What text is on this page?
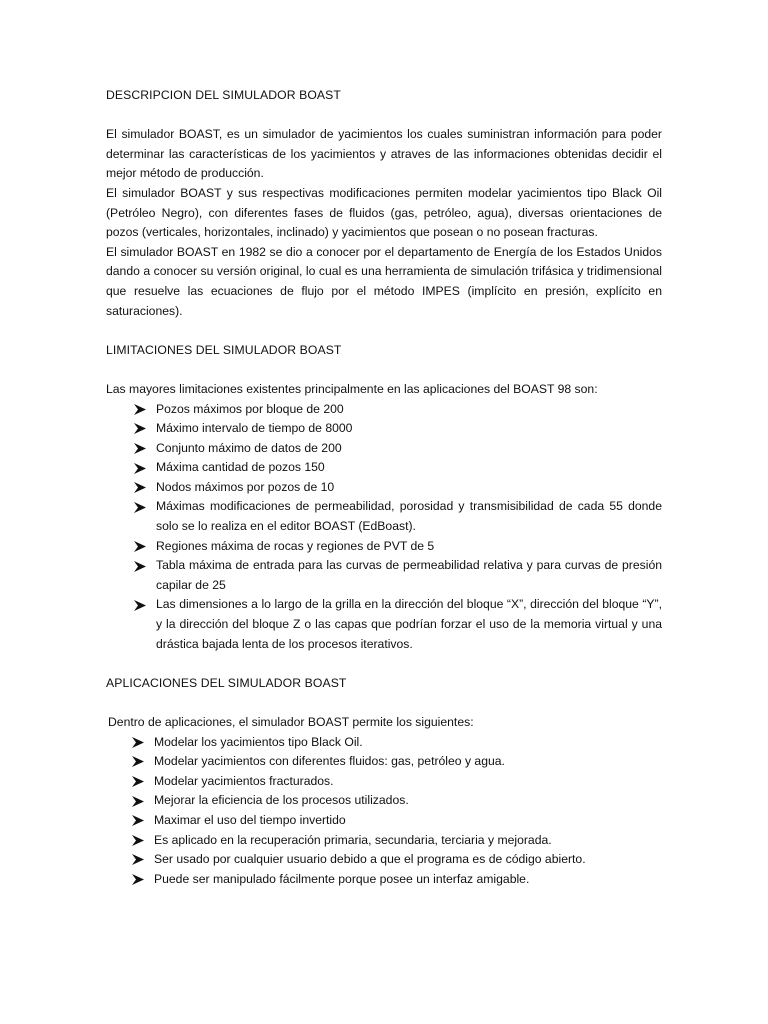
DESCRIPCION DEL SIMULADOR BOAST

El simulador BOAST, es un simulador de yacimientos los cuales suministran información para poder determinar las características de los yacimientos y atraves de las informaciones obtenidas decidir el mejor método de producción.

El simulador BOAST y sus respectivas modificaciones permiten modelar yacimientos tipo Black Oil (Petróleo Negro), con diferentes fases de fluidos (gas, petróleo, agua), diversas orientaciones de pozos (verticales, horizontales, inclinado) y yacimientos que posean o no posean fracturas.

El simulador BOAST en 1982 se dio a conocer por el departamento de Energía de los Estados Unidos dando a conocer su versión original, lo cual es una herramienta de simulación trifásica y tridimensional que resuelve las ecuaciones de flujo por el método IMPES (implícito en presión, explícito en saturaciones).

LIMITACIONES DEL SIMULADOR BOAST

Las mayores limitaciones existentes principalmente en las aplicaciones del BOAST 98 son:

Pozos máximos por bloque de 200
Máximo intervalo de tiempo de 8000
Conjunto máximo de datos de 200
Máxima cantidad de pozos 150
Nodos máximos por pozos de 10
Máximas modificaciones de permeabilidad, porosidad y transmisibilidad de cada 55 donde solo se lo realiza en el editor BOAST (EdBoast).
Regiones máxima de rocas y regiones de PVT de 5
Tabla máxima de entrada para las curvas de permeabilidad relativa y para curvas de presión capilar de 25
Las dimensiones a lo largo de la grilla en la dirección del bloque “X”, dirección del bloque “Y”, y la dirección del bloque Z o las capas que podrían forzar el uso de la memoria virtual y una drástica bajada lenta de los procesos iterativos.
APLICACIONES DEL SIMULADOR BOAST

Dentro de aplicaciones, el simulador BOAST permite los siguientes:

Modelar los yacimientos tipo Black Oil.
Modelar yacimientos con diferentes fluidos: gas, petróleo y agua.
Modelar yacimientos fracturados.
Mejorar la eficiencia de los procesos utilizados.
Maximar el uso del tiempo invertido
Es aplicado en la recuperación primaria, secundaria, terciaria y mejorada.
Ser usado por cualquier usuario debido a que el programa es de código abierto.
Puede ser manipulado fácilmente porque posee un interfaz amigable.
